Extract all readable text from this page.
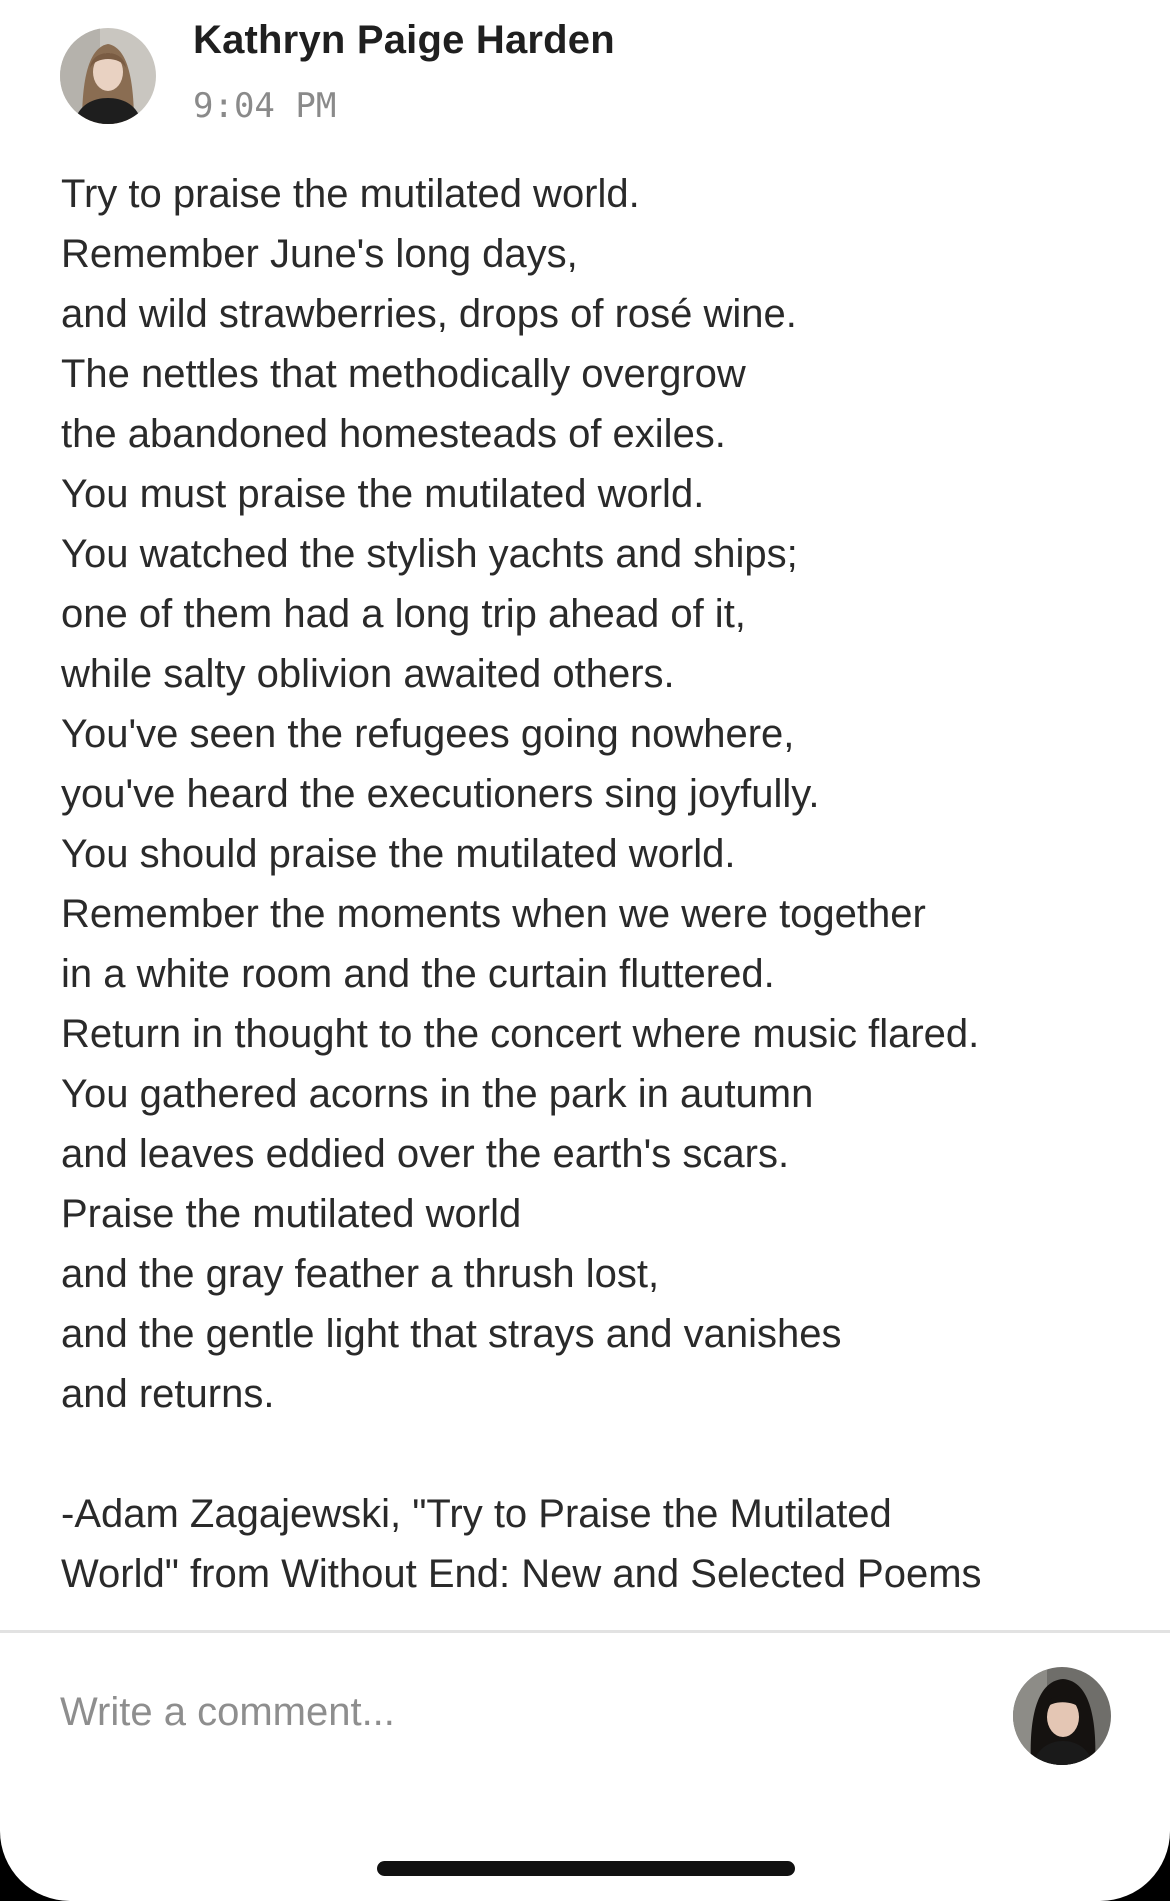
Kathryn Paige Harden
9:04 PM
Try to praise the mutilated world.
Remember June's long days,
and wild strawberries, drops of rosé wine.
The nettles that methodically overgrow
the abandoned homesteads of exiles.
You must praise the mutilated world.
You watched the stylish yachts and ships;
one of them had a long trip ahead of it,
while salty oblivion awaited others.
You've seen the refugees going nowhere,
you've heard the executioners sing joyfully.
You should praise the mutilated world.
Remember the moments when we were together
in a white room and the curtain fluttered.
Return in thought to the concert where music flared.
You gathered acorns in the park in autumn
and leaves eddied over the earth's scars.
Praise the mutilated world
and the gray feather a thrush lost,
and the gentle light that strays and vanishes
and returns.
-Adam Zagajewski, "Try to Praise the Mutilated
World" from Without End: New and Selected Poems
Write a comment...
